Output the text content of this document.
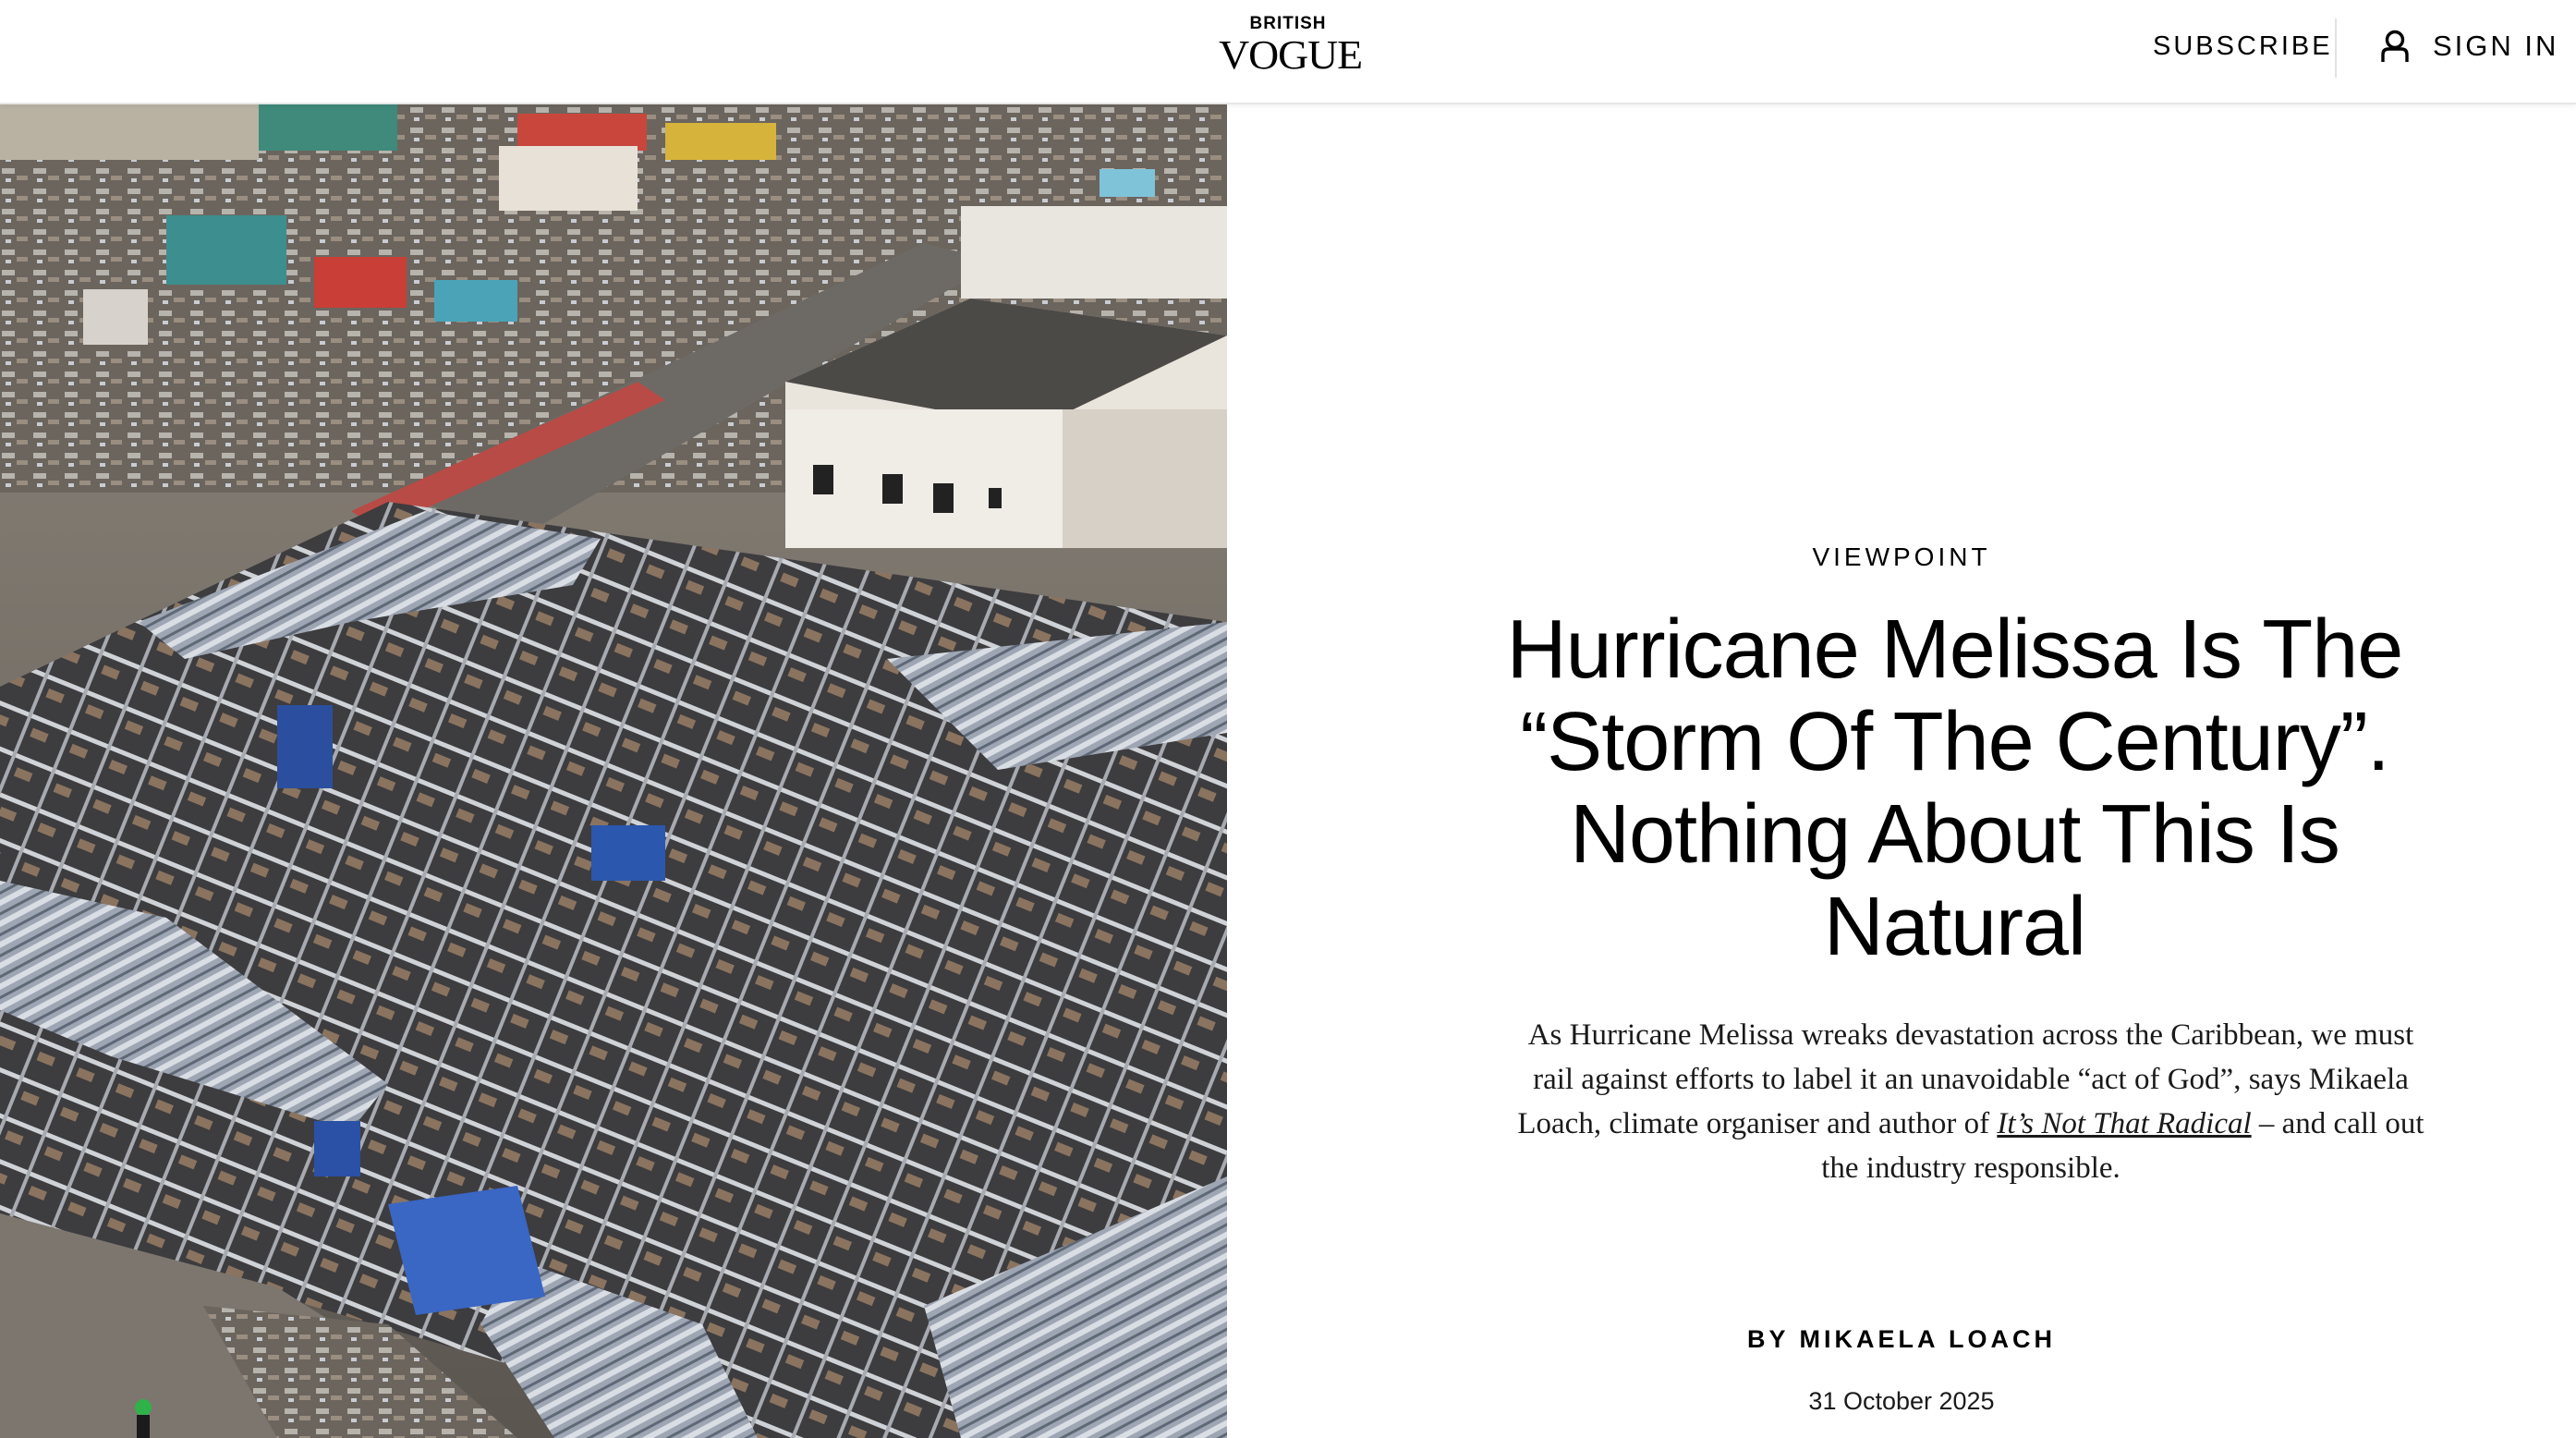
BRITISH
VOGUE	SUBSCRIBE	SIGN IN
VIEWPOINT
Hurricane Melissa Is The “Storm Of The Century”. Nothing About This Is Natural

As Hurricane Melissa wreaks devastation across the Caribbean, we must rail against efforts to label it an unavoidable “act of God”, says Mikaela Loach, climate organiser and author of It’s Not That Radical – and call out the industry responsible.

BY MIKAELA LOACH
31 October 2025
